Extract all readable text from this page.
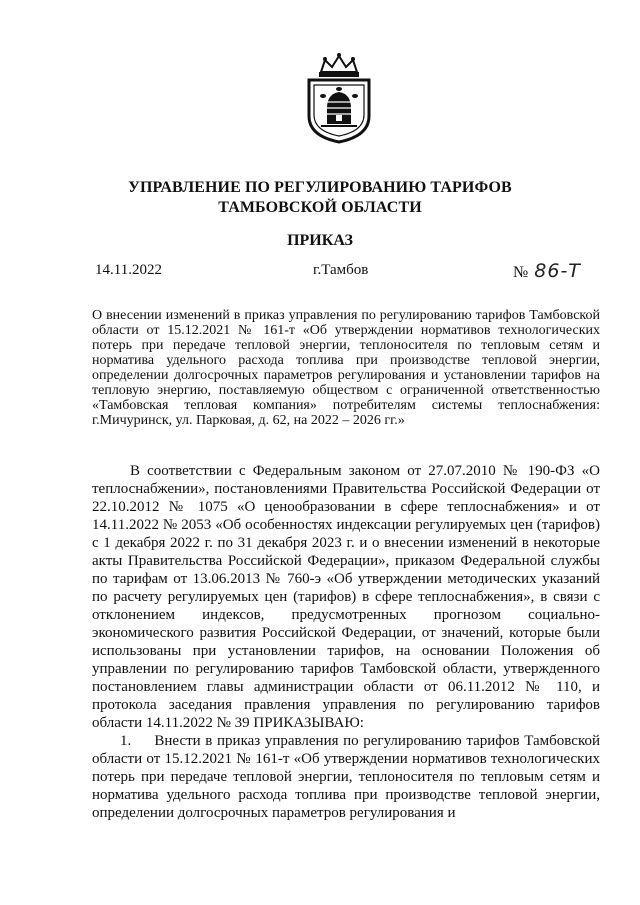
УПРАВЛЕНИЕ ПО РЕГУЛИРОВАНИЮ ТАРИФОВ
ТАМБОВСКОЙ ОБЛАСТИ
ПРИКАЗ
14.11.2022	г.Тамбов	№ 86-Т
О внесении изменений в приказ управления по регулированию тарифов Тамбовской области от 15.12.2021 № 161-т «Об утверждении нормативов технологических потерь при передаче тепловой энергии, теплоносителя по тепловым сетям и норматива удельного расхода топлива при производстве тепловой энергии, определении долгосрочных параметров регулирования и установлении тарифов на тепловую энергию, поставляемую обществом с ограниченной ответственностью «Тамбовская тепловая компания» потребителям системы теплоснабжения: г.Мичуринск, ул. Парковая, д. 62, на 2022 – 2026 гг.»

В соответствии с Федеральным законом от 27.07.2010 № 190-ФЗ «О теплоснабжении», постановлениями Правительства Российской Федерации от 22.10.2012 № 1075 «О ценообразовании в сфере теплоснабжения» и от 14.11.2022 № 2053 «Об особенностях индексации регулируемых цен (тарифов) с 1 декабря 2022 г. по 31 декабря 2023 г. и о внесении изменений в некоторые акты Правительства Российской Федерации», приказом Федеральной службы по тарифам от 13.06.2013 № 760-э «Об утверждении методических указаний по расчету регулируемых цен (тарифов) в сфере теплоснабжения», в связи с отклонением индексов, предусмотренных прогнозом социально-экономического развития Российской Федерации, от значений, которые были использованы при установлении тарифов, на основании Положения об управлении по регулированию тарифов Тамбовской области, утвержденного постановлением главы администрации области от 06.11.2012 № 110, и протокола заседания правления управления по регулированию тарифов области 14.11.2022 № 39 ПРИКАЗЫВАЮ:

1.     Внести в приказ управления по регулированию тарифов Тамбовской области от 15.12.2021 № 161-т «Об утверждении нормативов технологических потерь при передаче тепловой энергии, теплоносителя по тепловым сетям и норматива удельного расхода топлива при производстве тепловой энергии, определении долгосрочных параметров регулирования и
